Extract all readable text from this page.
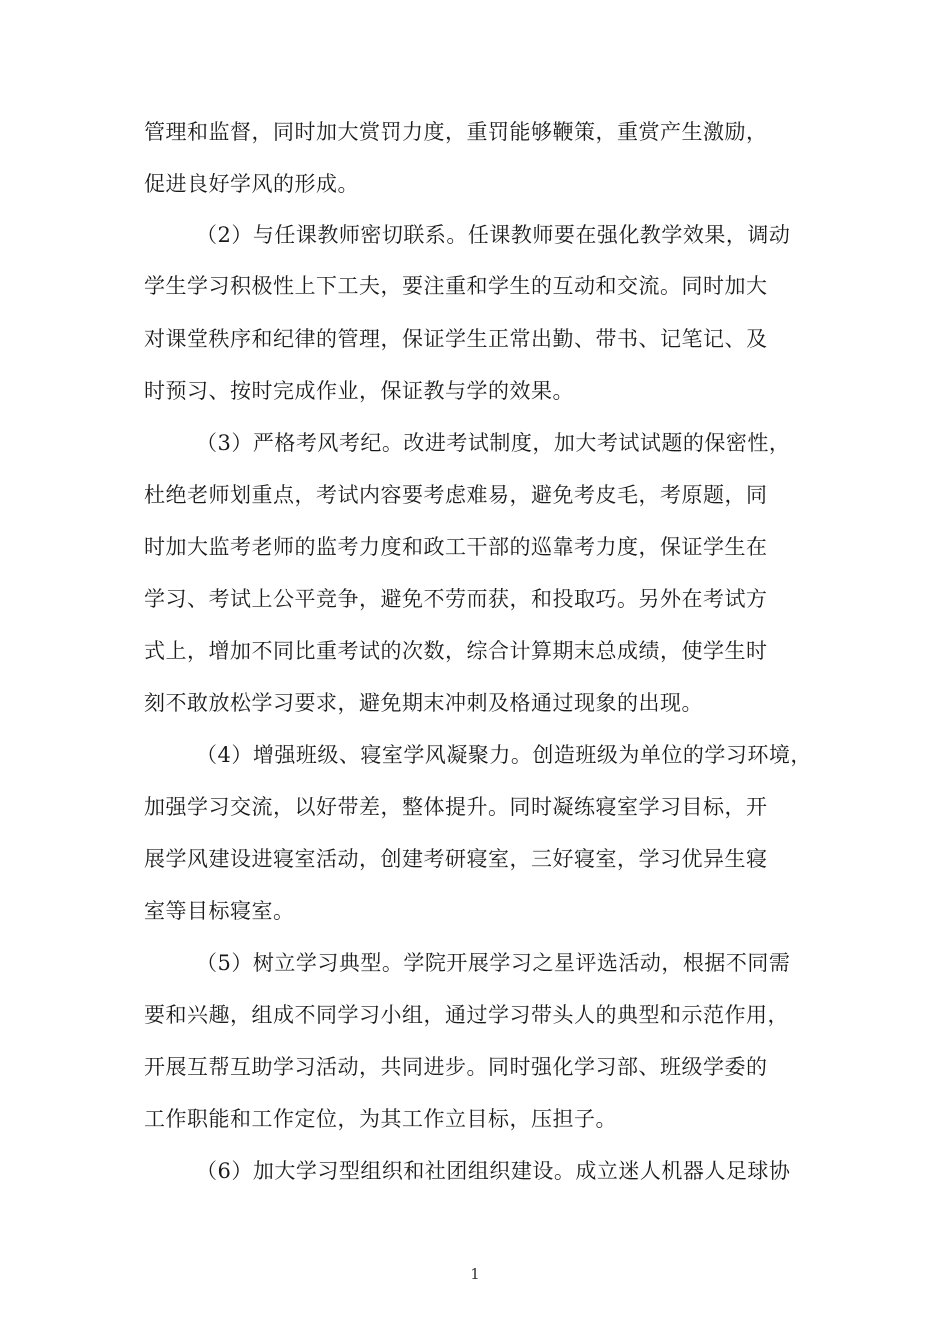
管理和监督，同时加大赏罚力度，重罚能够鞭策，重赏产生激励，
促进良好学风的形成。
（2）与任课教师密切联系。任课教师要在强化教学效果，调动
学生学习积极性上下工夫，要注重和学生的互动和交流。同时加大
对课堂秩序和纪律的管理，保证学生正常出勤、带书、记笔记、及
时预习、按时完成作业，保证教与学的效果。
（3）严格考风考纪。改进考试制度，加大考试试题的保密性，
杜绝老师划重点，考试内容要考虑难易，避免考皮毛，考原题，同
时加大监考老师的监考力度和政工干部的巡靠考力度，保证学生在
学习、考试上公平竞争，避免不劳而获，和投取巧。另外在考试方
式上，增加不同比重考试的次数，综合计算期末总成绩，使学生时
刻不敢放松学习要求，避免期末冲刺及格通过现象的出现。
（4）增强班级、寝室学风凝聚力。创造班级为单位的学习环境，
加强学习交流，以好带差，整体提升。同时凝练寝室学习目标，开
展学风建设进寝室活动，创建考研寝室，三好寝室，学习优异生寝
室等目标寝室。
（5）树立学习典型。学院开展学习之星评选活动，根据不同需
要和兴趣，组成不同学习小组，通过学习带头人的典型和示范作用，
开展互帮互助学习活动，共同进步。同时强化学习部、班级学委的
工作职能和工作定位，为其工作立目标，压担子。
（6）加大学习型组织和社团组织建设。成立迷人机器人足球协
1
